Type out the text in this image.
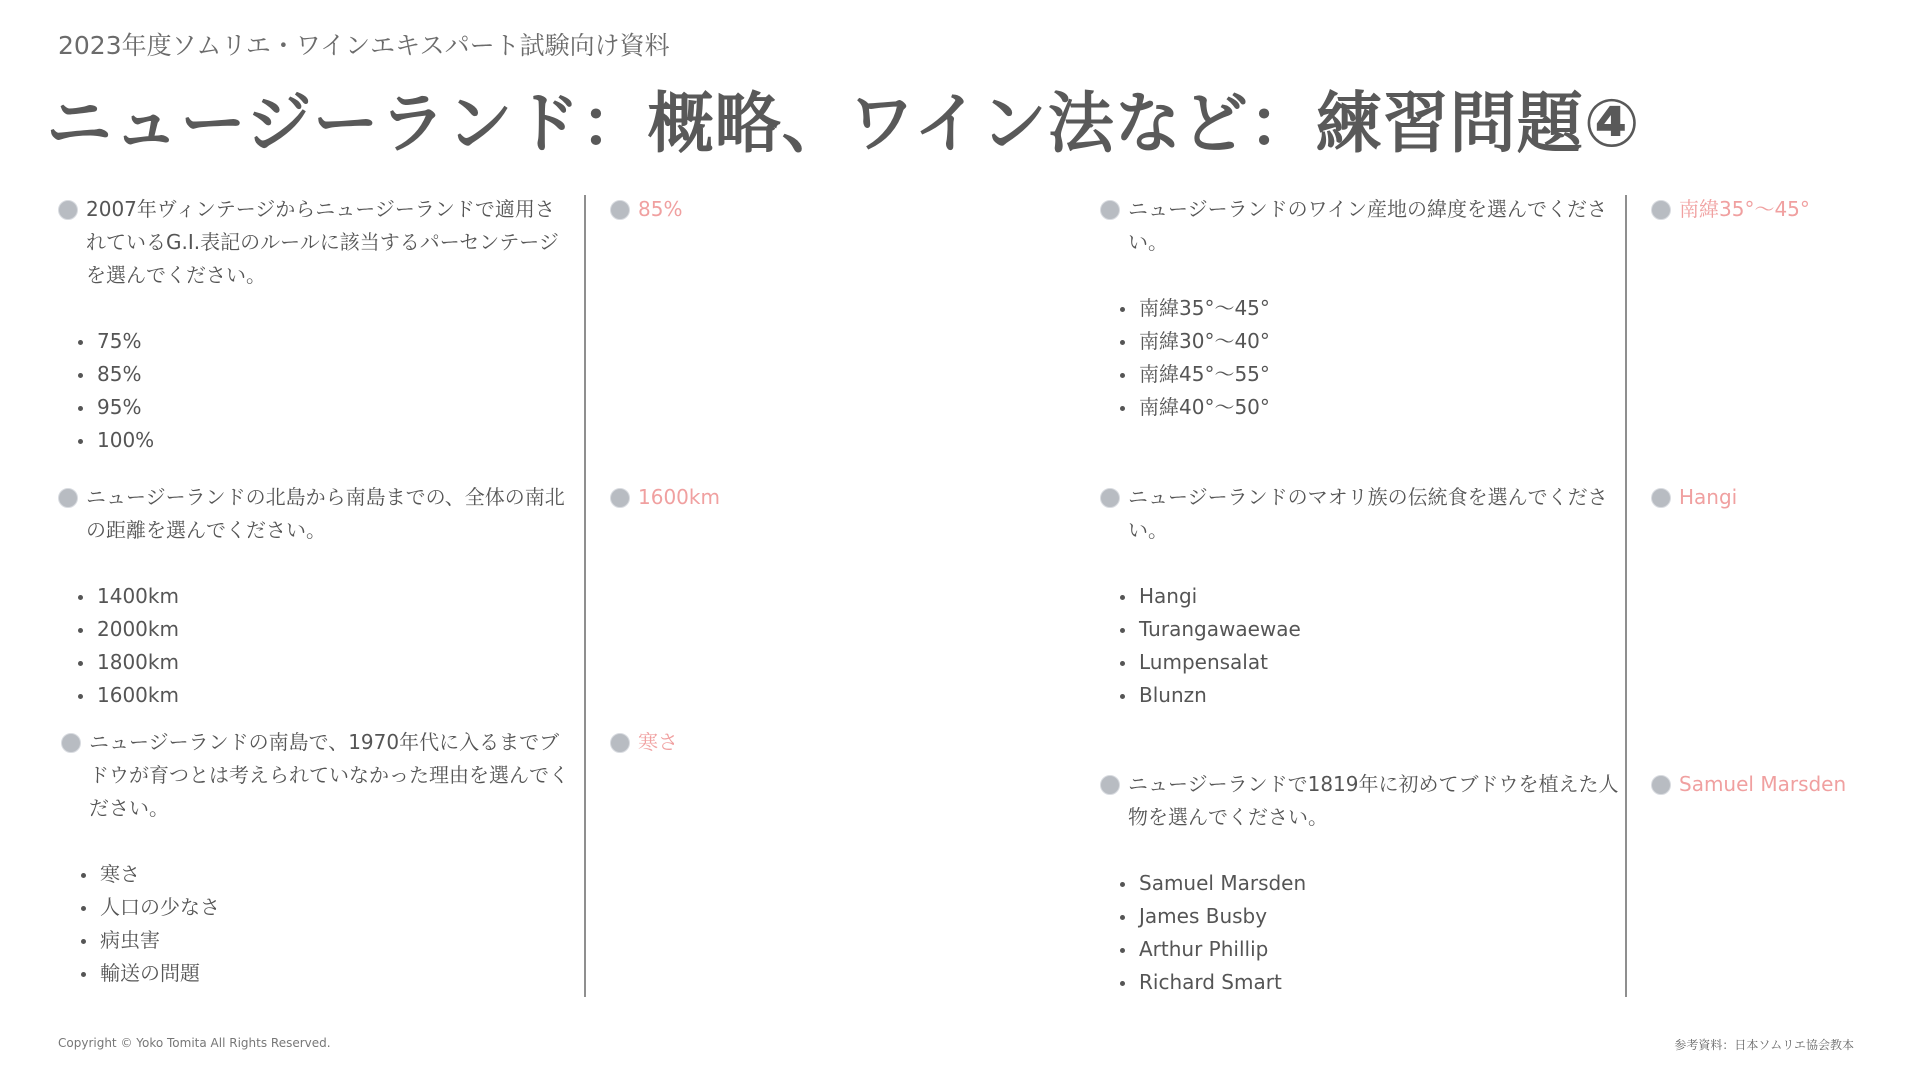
2023年度ソムリエ・ワインエキスパート試験向け資料
ニュージーランド：概略、ワイン法など：練習問題④
2007年ヴィンテージからニュージーランドで適用されているG.I.表記のルールに該当するパーセンテージを選んでください。
75%
85%
95%
100%
85%
ニュージーランドの北島から南島までの、全体の南北の距離を選んでください。
1400km
2000km
1800km
1600km
1600km
ニュージーランドの南島で、1970年代に入るまでブドウが育つとは考えられていなかった理由を選んでください。
寒さ
人口の少なさ
病虫害
輸送の問題
寒さ
ニュージーランドのワイン産地の緯度を選んでください。
南緯35°〜45°
南緯30°〜40°
南緯45°〜55°
南緯40°〜50°
南緯35°〜45°
ニュージーランドのマオリ族の伝統食を選んでください。
Hangi
Turangawaewae
Lumpensalat
Blunzn
Hangi
ニュージーランドで1819年に初めてブドウを植えた人物を選んでください。
Samuel Marsden
James Busby
Arthur Phillip
Richard Smart
Samuel Marsden
Copyright © Yoko Tomita All Rights Reserved.	参考資料：日本ソムリエ協会教本
